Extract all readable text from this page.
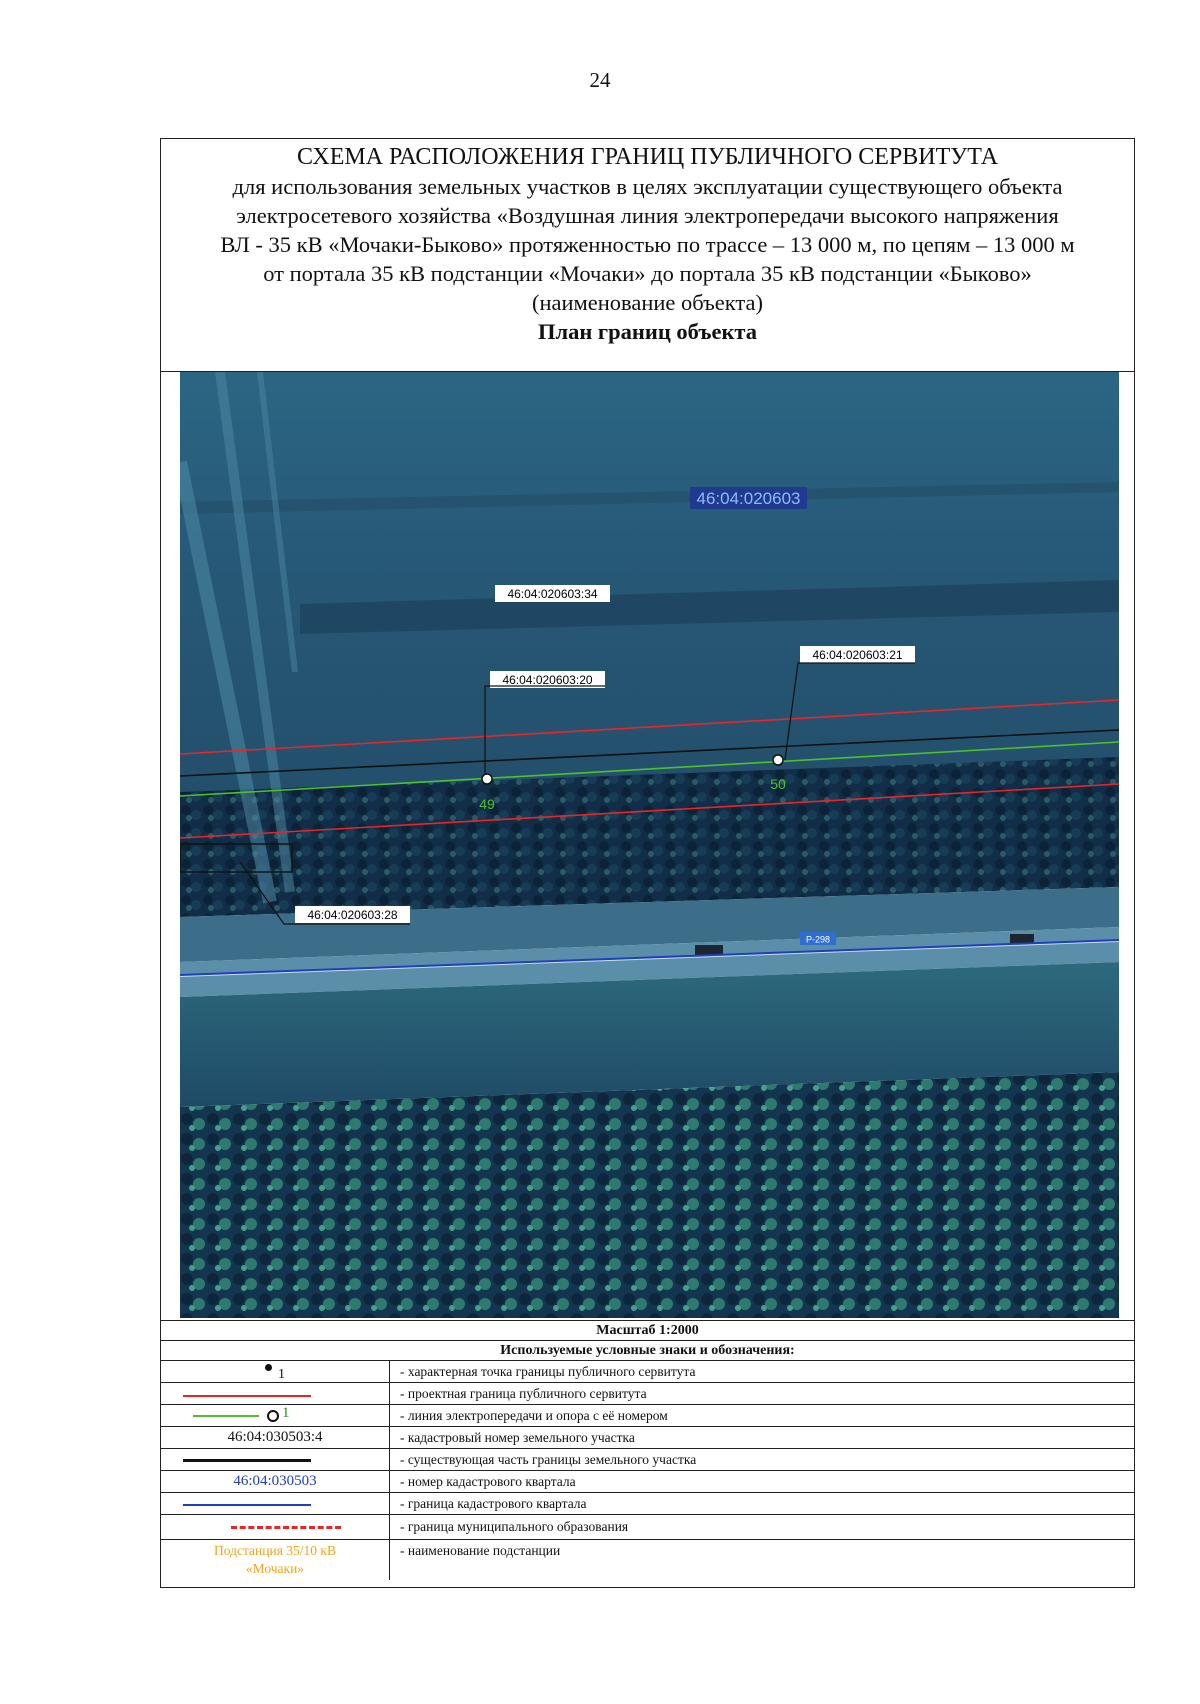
24
СХЕМА РАСПОЛОЖЕНИЯ ГРАНИЦ ПУБЛИЧНОГО СЕРВИТУТА
для использования земельных участков в целях эксплуатации существующего объекта
электросетевого хозяйства «Воздушная линия электропередачи высокого напряжения
ВЛ - 35 кВ «Мочаки-Быково» протяженностью по трассе – 13 000 м, по цепям – 13 000 м
от портала 35 кВ подстанции «Мочаки» до портала 35 кВ подстанции «Быково»
(наименование объекта)
План границ объекта
46:04:020603
46:04:020603:34
46:04:020603:20
46:04:020603:21
46:04:020603:28
49
50
Р-298
Масштаб 1:2000
Используемые условные знаки и обозначения:
1	- характерная точка границы публичного сервитута
- проектная граница публичного сервитута
1	- линия электропередачи и опора с её номером
46:04:030503:4	- кадастровый номер земельного участка
- существующая часть границы земельного участка
46:04:030503	- номер кадастрового квартала
- граница кадастрового квартала
- граница муниципального образования
Подстанция 35/10 кВ
«Мочаки»
- наименование подстанции
